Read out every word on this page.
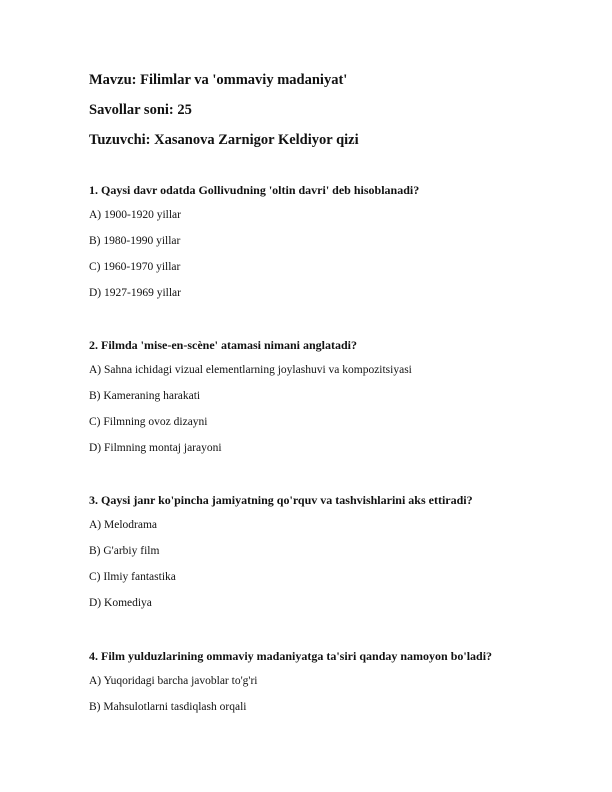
Mavzu: Filimlar va 'ommaviy madaniyat'
Savollar soni: 25
Tuzuvchi: Xasanova Zarnigor Keldiyor qizi
1. Qaysi davr odatda Gollivudning 'oltin davri' deb hisoblanadi?
A) 1900-1920 yillar
B) 1980-1990 yillar
C) 1960-1970 yillar
D) 1927-1969 yillar
2. Filmda 'mise-en-scène' atamasi nimani anglatadi?
A) Sahna ichidagi vizual elementlarning joylashuvi va kompozitsiyasi
B) Kameraning harakati
C) Filmning ovoz dizayni
D) Filmning montaj jarayoni
3. Qaysi janr ko'pincha jamiyatning qo'rquv va tashvishlarini aks ettiradi?
A) Melodrama
B) G'arbiy film
C) Ilmiy fantastika
D) Komediya
4. Film yulduzlarining ommaviy madaniyatga ta'siri qanday namoyon bo'ladi?
A) Yuqoridagi barcha javoblar to'g'ri
B) Mahsulotlarni tasdiqlash orqali
